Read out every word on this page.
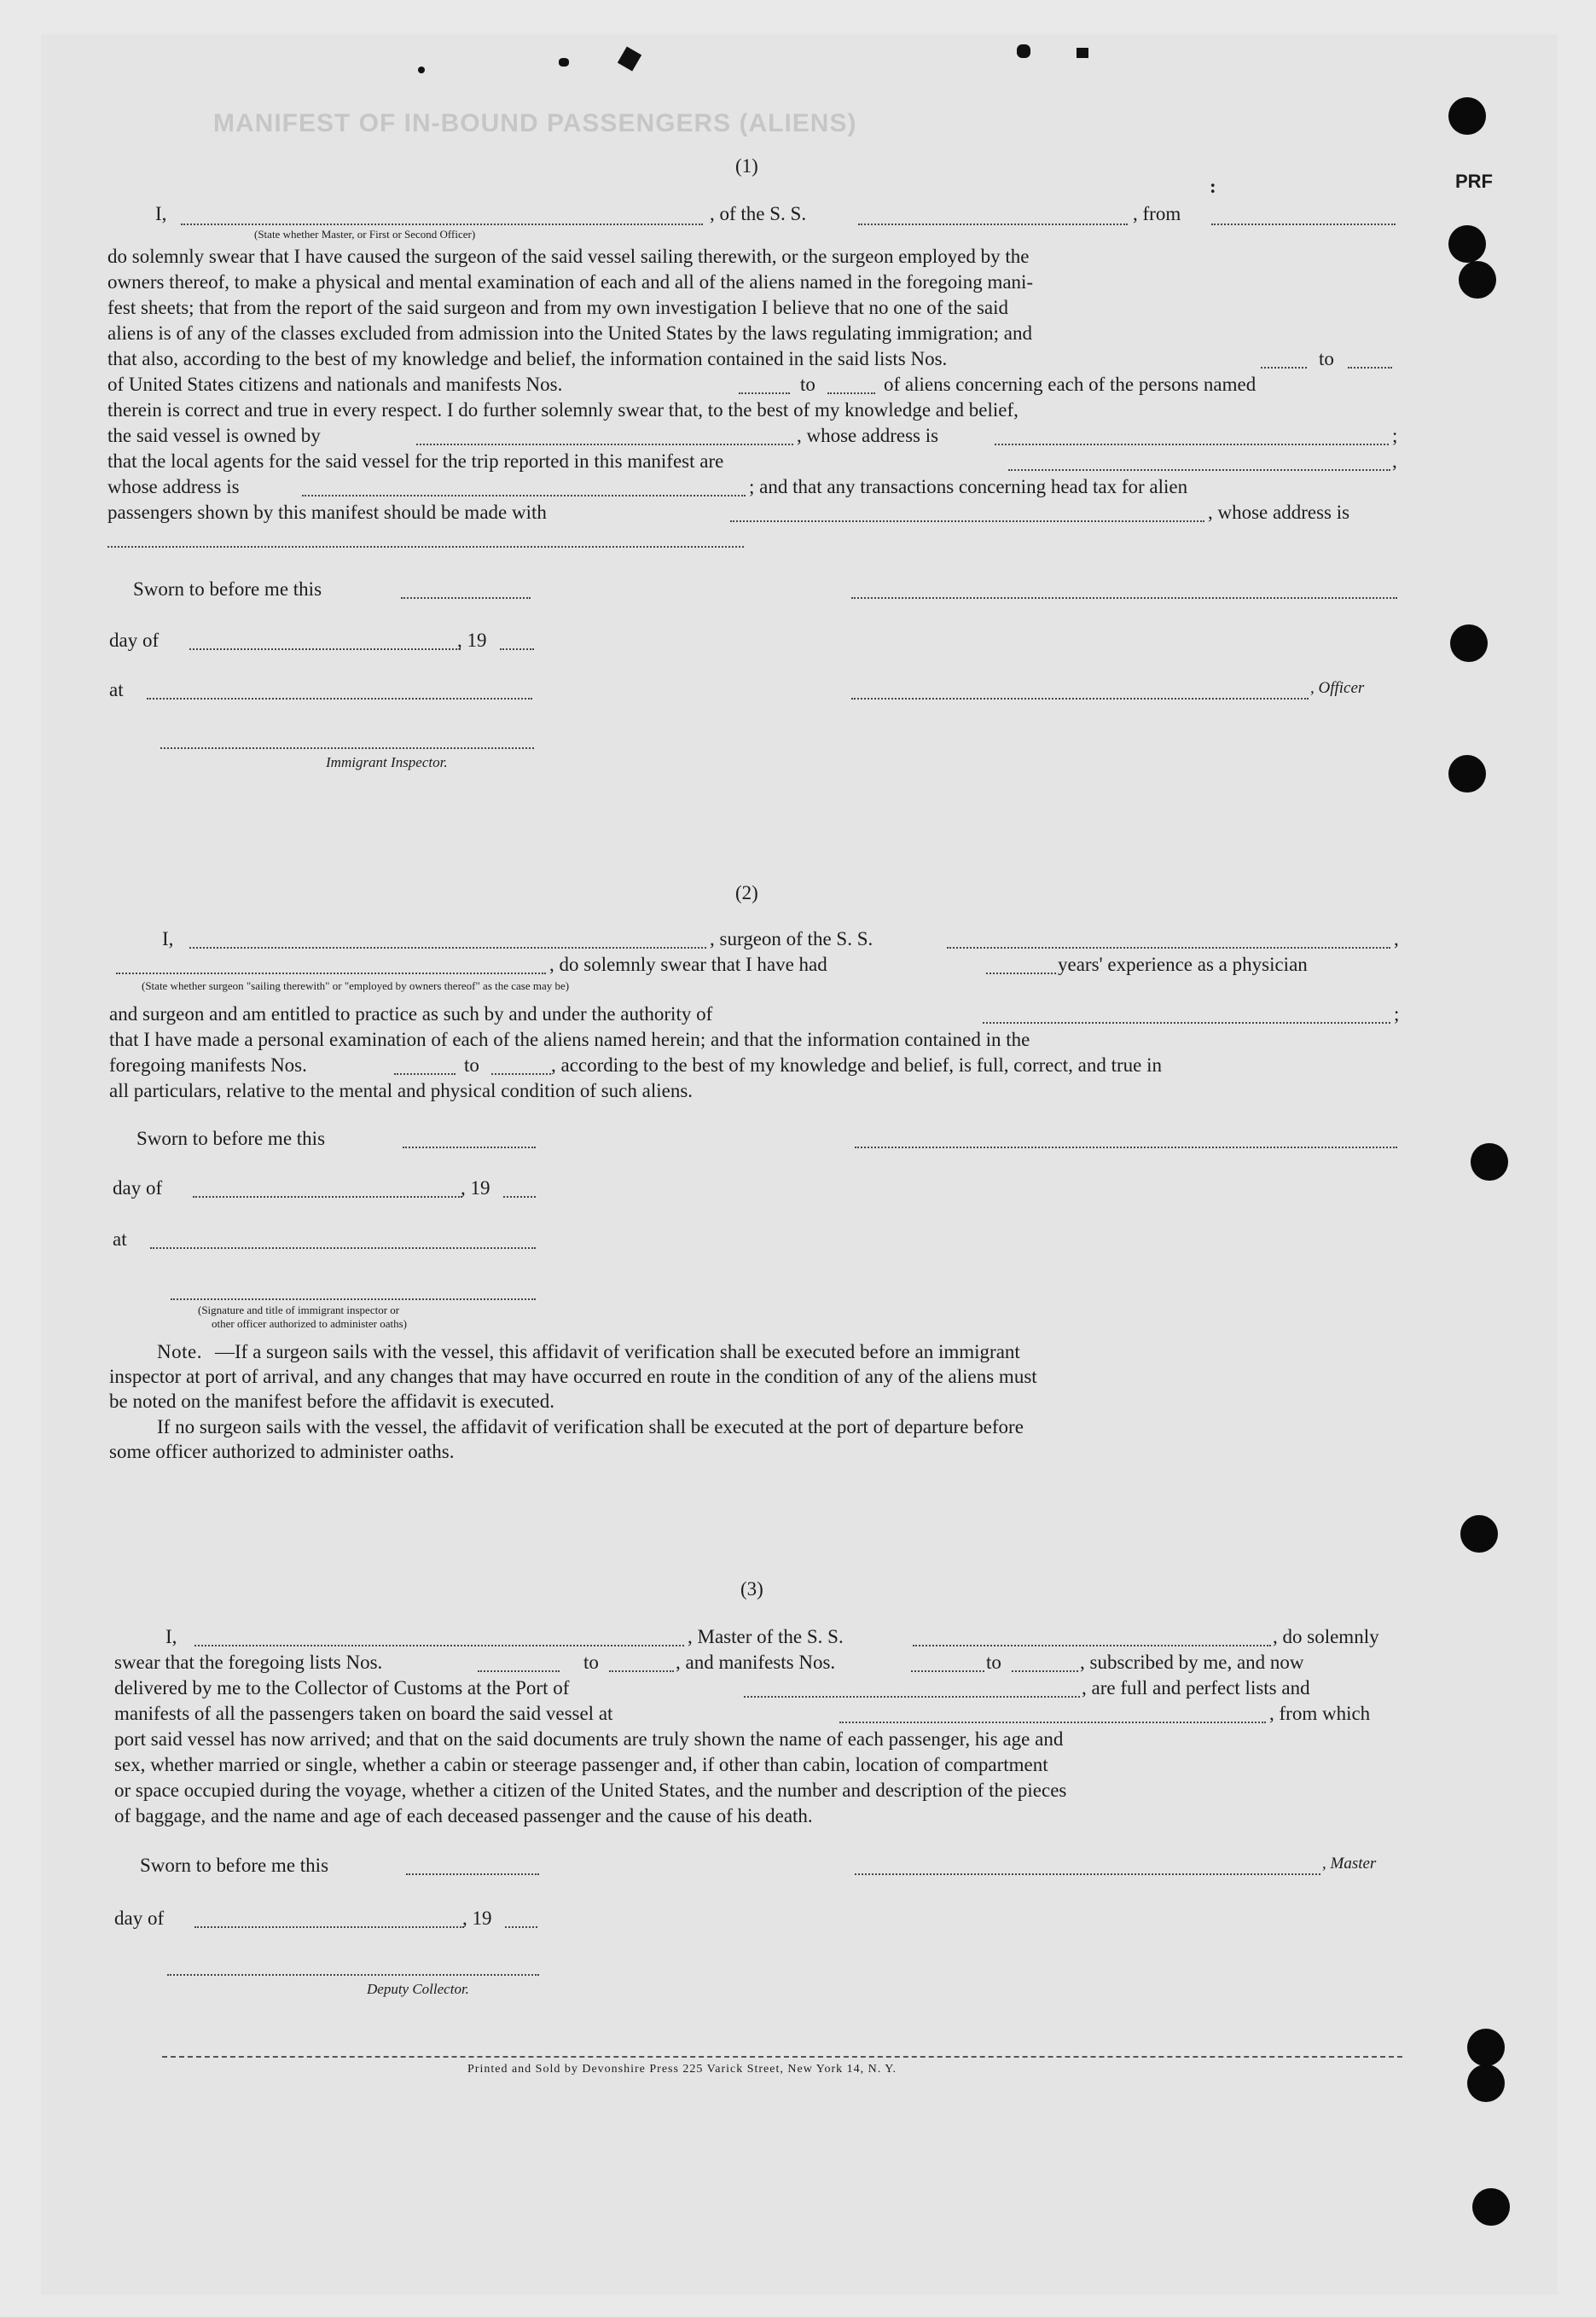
MANIFEST OF IN-BOUND PASSENGERS (ALIENS)
PRF
:
(1)
I,	, of the S. S.	, from
(State whether Master, or First or Second Officer)
do solemnly swear that I have caused the surgeon of the said vessel sailing therewith, or the surgeon employed by the
owners thereof, to make a physical and mental examination of each and all of the aliens named in the foregoing mani-
fest sheets; that from the report of the said surgeon and from my own investigation I believe that no one of the said
aliens is of any of the classes excluded from admission into the United States by the laws regulating immigration; and
that also, according to the best of my knowledge and belief, the information contained in the said lists Nos.	to
of United States citizens and nationals and manifests Nos.	to	of aliens concerning each of the persons named
therein is correct and true in every respect. I do further solemnly swear that, to the best of my knowledge and belief,
the said vessel is owned by	, whose address is	;
that the local agents for the said vessel for the trip reported in this manifest are	,
whose address is	; and that any transactions concerning head tax for alien
passengers shown by this manifest should be made with	, whose address is
Sworn to before me this
day of	, 19
at	, Officer
Immigrant Inspector.
(2)
I,	, surgeon of the S. S.	,
, do solemnly swear that I have had	years' experience as a physician
(State whether surgeon "sailing therewith" or "employed by owners thereof" as the case may be)
and surgeon and am entitled to practice as such by and under the authority of	;
that I have made a personal examination of each of the aliens named herein; and that the information contained in the
foregoing manifests Nos.	to	, according to the best of my knowledge and belief, is full, correct, and true in
all particulars, relative to the mental and physical condition of such aliens.
Sworn to before me this
day of	, 19
at
(Signature and title of immigrant inspector or
other officer authorized to administer oaths)
Note. —If a surgeon sails with the vessel, this affidavit of verification shall be executed before an immigrant
inspector at port of arrival, and any changes that may have occurred en route in the condition of any of the aliens must
be noted on the manifest before the affidavit is executed.
If no surgeon sails with the vessel, the affidavit of verification shall be executed at the port of departure before
some officer authorized to administer oaths.
(3)
I,	, Master of the S. S.	, do solemnly
swear that the foregoing lists Nos.	to	, and manifests Nos.	to	, subscribed by me, and now
delivered by me to the Collector of Customs at the Port of	, are full and perfect lists and
manifests of all the passengers taken on board the said vessel at	, from which
port said vessel has now arrived; and that on the said documents are truly shown the name of each passenger, his age and
sex, whether married or single, whether a cabin or steerage passenger and, if other than cabin, location of compartment
or space occupied during the voyage, whether a citizen of the United States, and the number and description of the pieces
of baggage, and the name and age of each deceased passenger and the cause of his death.
Sworn to before me this	, Master
day of	, 19
Deputy Collector.
Printed and Sold by Devonshire Press 225 Varick Street, New York 14, N. Y.
